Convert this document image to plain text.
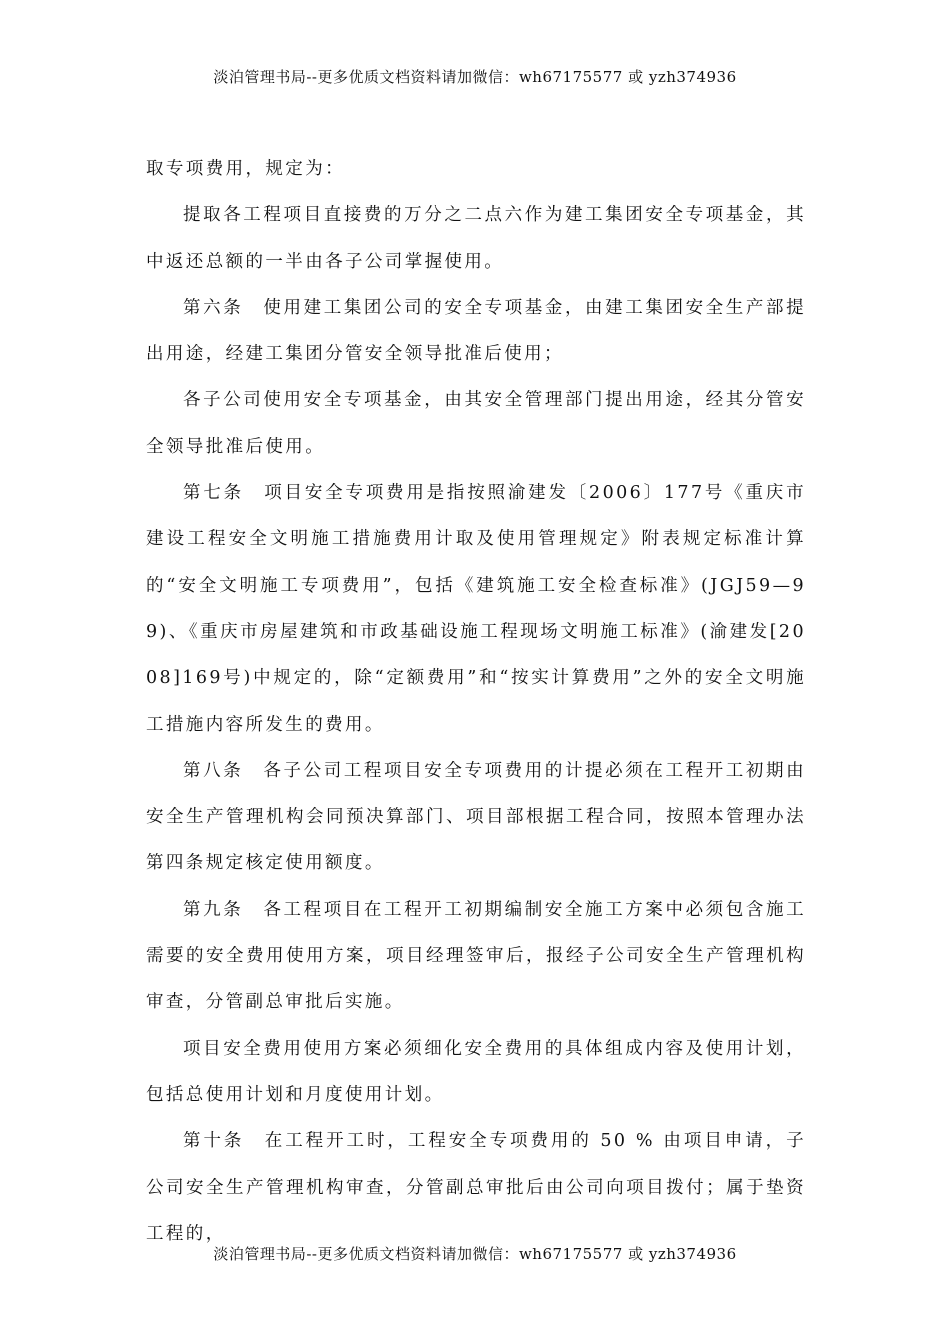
淡泊管理书局--更多优质文档资料请加微信：wh67175577 或 yzh374936

取专项费用，规定为：

提取各工程项目直接费的万分之二点六作为建工集团安全专项基金，其中返还总额的一半由各子公司掌握使用。

第六条　使用建工集团公司的安全专项基金，由建工集团安全生产部提出用途，经建工集团分管安全领导批准后使用；

各子公司使用安全专项基金，由其安全管理部门提出用途，经其分管安全领导批准后使用。

第七条　项目安全专项费用是指按照渝建发〔2006〕177号《重庆市建设工程安全文明施工措施费用计取及使用管理规定》附表规定标准计算的“安全文明施工专项费用”，包括《建筑施工安全检查标准》(JGJ59—99)、《重庆市房屋建筑和市政基础设施工程现场文明施工标准》(渝建发[2008]169号)中规定的，除“定额费用”和“按实计算费用”之外的安全文明施工措施内容所发生的费用。

第八条　各子公司工程项目安全专项费用的计提必须在工程开工初期由安全生产管理机构会同预决算部门、项目部根据工程合同，按照本管理办法第四条规定核定使用额度。

第九条　各工程项目在工程开工初期编制安全施工方案中必须包含施工需要的安全费用使用方案，项目经理签审后，报经子公司安全生产管理机构审查，分管副总审批后实施。

项目安全费用使用方案必须细化安全费用的具体组成内容及使用计划，包括总使用计划和月度使用计划。

第十条　在工程开工时，工程安全专项费用的 50 % 由项目申请，子公司安全生产管理机构审查，分管副总审批后由公司向项目拨付；属于垫资工程的，

淡泊管理书局--更多优质文档资料请加微信：wh67175577 或 yzh374936
